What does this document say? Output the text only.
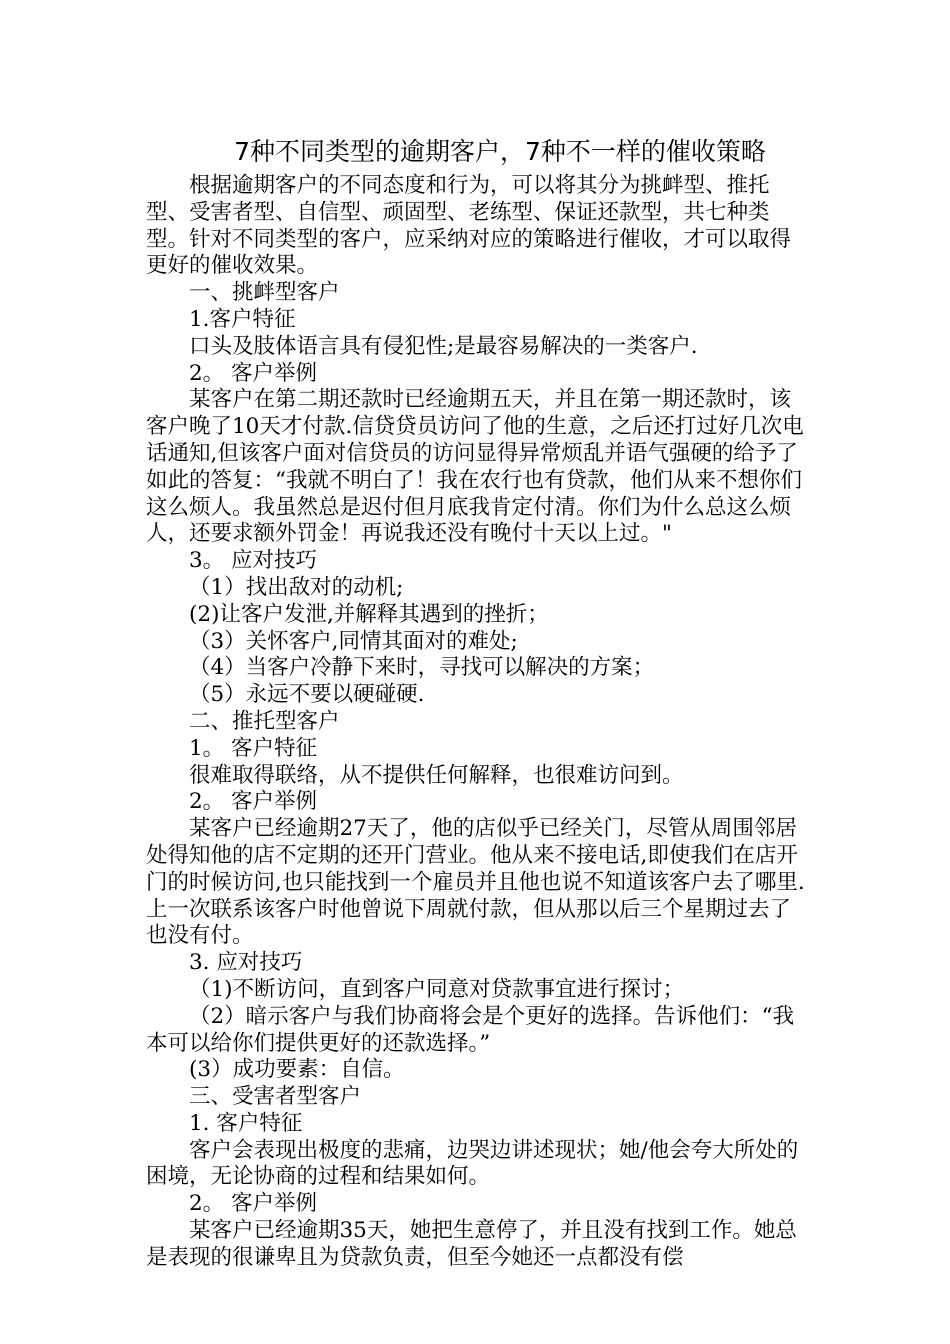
7种不同类型的逾期客户，7种不一样的催收策略

根据逾期客户的不同态度和行为，可以将其分为挑衅型、推托型、受害者型、自信型、顽固型、老练型、保证还款型，共七种类型。针对不同类型的客户，应采纳对应的策略进行催收，才可以取得更好的催收效果。

一、挑衅型客户

1.客户特征

口头及肢体语言具有侵犯性;是最容易解决的一类客户.

2。 客户举例

某客户在第二期还款时已经逾期五天，并且在第一期还款时，该客户晚了10天才付款.信贷贷员访问了他的生意，之后还打过好几次电话通知,但该客户面对信贷员的访问显得异常烦乱并语气强硬的给予了如此的答复：“我就不明白了！我在农行也有贷款，他们从来不想你们这么烦人。我虽然总是迟付但月底我肯定付清。你们为什么总这么烦人，还要求额外罚金！再说我还没有晚付十天以上过。"

3。 应对技巧

（1）找出敌对的动机;

(2)让客户发泄,并解释其遇到的挫折；

（3）关怀客户,同情其面对的难处;

（4）当客户冷静下来时，寻找可以解决的方案；

（5）永远不要以硬碰硬.

二、推托型客户

1。 客户特征

很难取得联络，从不提供任何解释，也很难访问到。

2。 客户举例

某客户已经逾期27天了，他的店似乎已经关门，尽管从周围邻居处得知他的店不定期的还开门营业。他从来不接电话,即使我们在店开门的时候访问,也只能找到一个雇员并且他也说不知道该客户去了哪里.上一次联系该客户时他曾说下周就付款，但从那以后三个星期过去了也没有付。

3. 应对技巧

（1)不断访问，直到客户同意对贷款事宜进行探讨；

（2）暗示客户与我们协商将会是个更好的选择。告诉他们：“我本可以给你们提供更好的还款选择。”

(3）成功要素：自信。

三、受害者型客户

1. 客户特征

客户会表现出极度的悲痛，边哭边讲述现状；她/他会夸大所处的困境，无论协商的过程和结果如何。

2。 客户举例

某客户已经逾期35天，她把生意停了，并且没有找到工作。她总是表现的很谦卑且为贷款负责，但至今她还一点都没有偿
